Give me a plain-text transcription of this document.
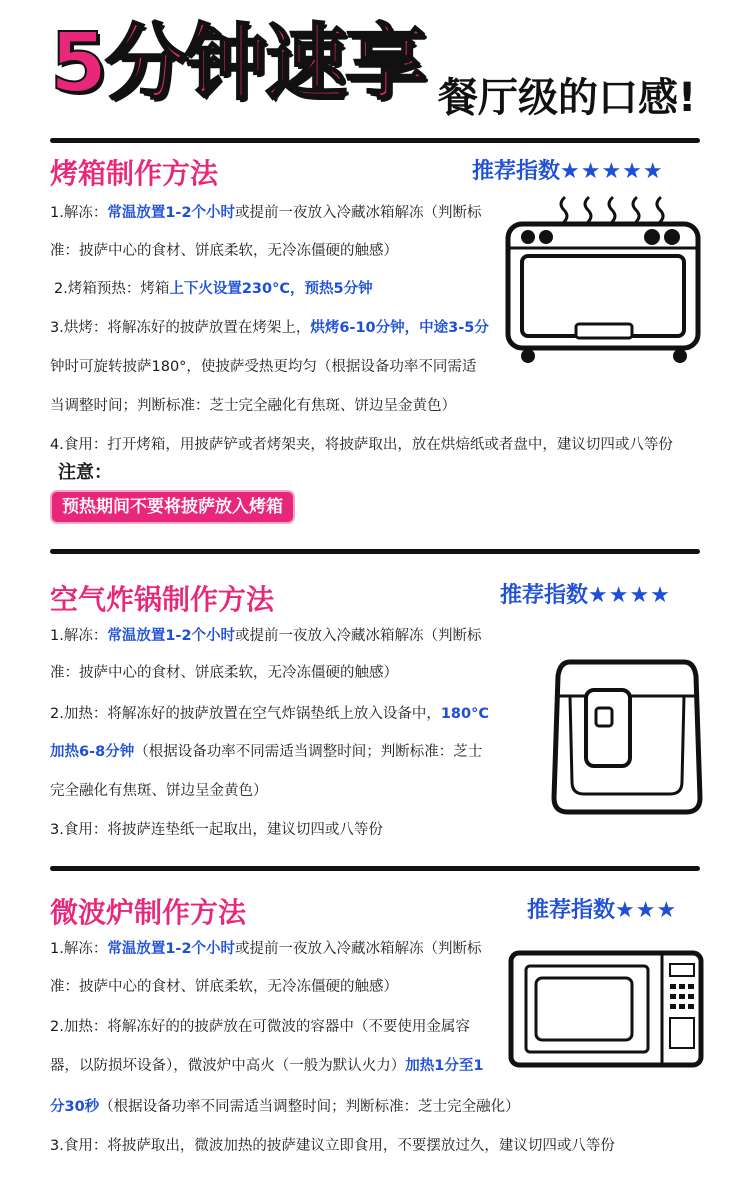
5分钟速享 餐厅级的口感!
烤箱制作方法	推荐指数★★★★★
1.解冻：常温放置1-2个小时或提前一夜放入冷藏冰箱解冻（判断标
准：披萨中心的食材、饼底柔软，无冷冻僵硬的触感）
2.烤箱预热：烤箱上下火设置230°C，预热5分钟
3.烘烤：将解冻好的披萨放置在烤架上，烘烤6-10分钟，中途3-5分
钟时可旋转披萨180°，使披萨受热更均匀（根据设备功率不同需适
当调整时间；判断标准：芝士完全融化有焦斑、饼边呈金黄色）
4.食用：打开烤箱，用披萨铲或者烤架夹，将披萨取出，放在烘焙纸或者盘中，建议切四或八等份
注意：
预热期间不要将披萨放入烤箱
空气炸锅制作方法	推荐指数★★★★
1.解冻：常温放置1-2个小时或提前一夜放入冷藏冰箱解冻（判断标
准：披萨中心的食材、饼底柔软，无冷冻僵硬的触感）
2.加热：将解冻好的披萨放置在空气炸锅垫纸上放入设备中，180°C
加热6-8分钟（根据设备功率不同需适当调整时间；判断标准：芝士
完全融化有焦斑、饼边呈金黄色）
3.食用：将披萨连垫纸一起取出，建议切四或八等份
微波炉制作方法	推荐指数★★★
1.解冻：常温放置1-2个小时或提前一夜放入冷藏冰箱解冻（判断标
准：披萨中心的食材、饼底柔软，无冷冻僵硬的触感）
2.加热：将解冻好的的披萨放在可微波的容器中（不要使用金属容
器，以防损坏设备），微波炉中高火（一般为默认火力）加热1分至1
分30秒（根据设备功率不同需适当调整时间；判断标准：芝士完全融化）
3.食用：将披萨取出，微波加热的披萨建议立即食用，不要摆放过久，建议切四或八等份
